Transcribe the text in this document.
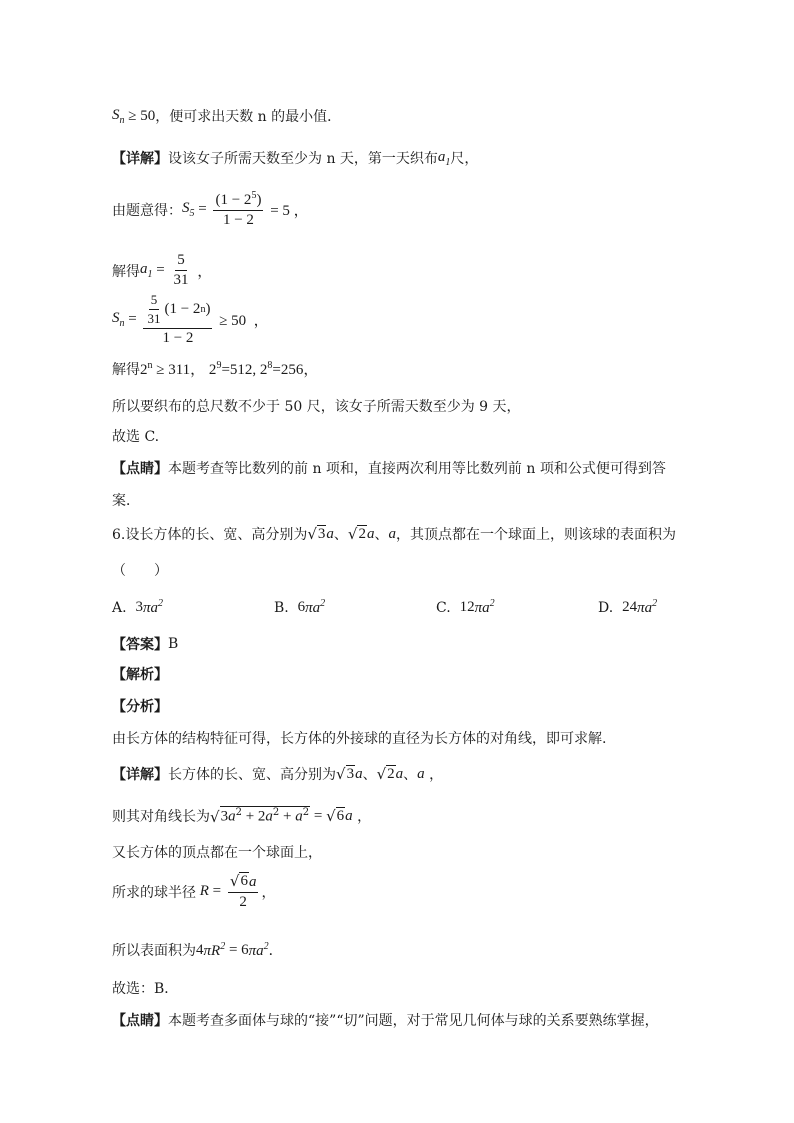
$S_n \ge 50$ ，便可求出天数 n 的最小值．
【详解】 设该女子所需天数至少为 n 天，第一天织布 $a_1$ 尺，
由题意得： $S_5 = \frac{(1 - 2^5)}{1 - 2} = 5$ ，
解得 $a_1 = \frac{5}{31}$ ，
$S_n = \frac{\frac{5}{31} (1 - 2 n )}{1 - 2} \ge 50$  ，
解得 $2^n \ge 311$， $2^9=512$, $2^8=256$，
所以要织布的总尺数不少于 50 尺，该女子所需天数至少为 9 天，
故选 C.
【点睛】 本题考查等比数列的前 n 项和，直接两次利用等比数列前 n 项和公式便可得到答
案．
6.设长方体的长、宽、高分别为 √ 3 a 、 √ 2 a 、 a ，其顶点都在一个球面上，则该球的表面积为
（　　）
A.
3 $\pi a^2$	B.
6 $\pi a^2$	C.
12 $\pi a^2$	D.
24 $\pi a^2$
【答案】 B
【解析】
【分析】
由长方体的结构特征可得，长方体的外接球的直径为长方体的对角线，即可求解.
【详解】 长方体的长、宽、高分别为 √ 3 a 、 √ 2 a 、 a ，
则其对角线长为 √ $3a^2 + 2a^2 + a^2$ = √ 6 a ，
又长方体的顶点都在一个球面上，
所求的球半径 $R = \frac{√ 6 a}{2}$ ，
所以表面积为 4 $\pi R^2 = 6$ $\pi a^2$ ．
故选：B．
【点睛】 本题考查多面体与球的“接”“切”问题，对于常见几何体与球的关系要熟练掌握，
